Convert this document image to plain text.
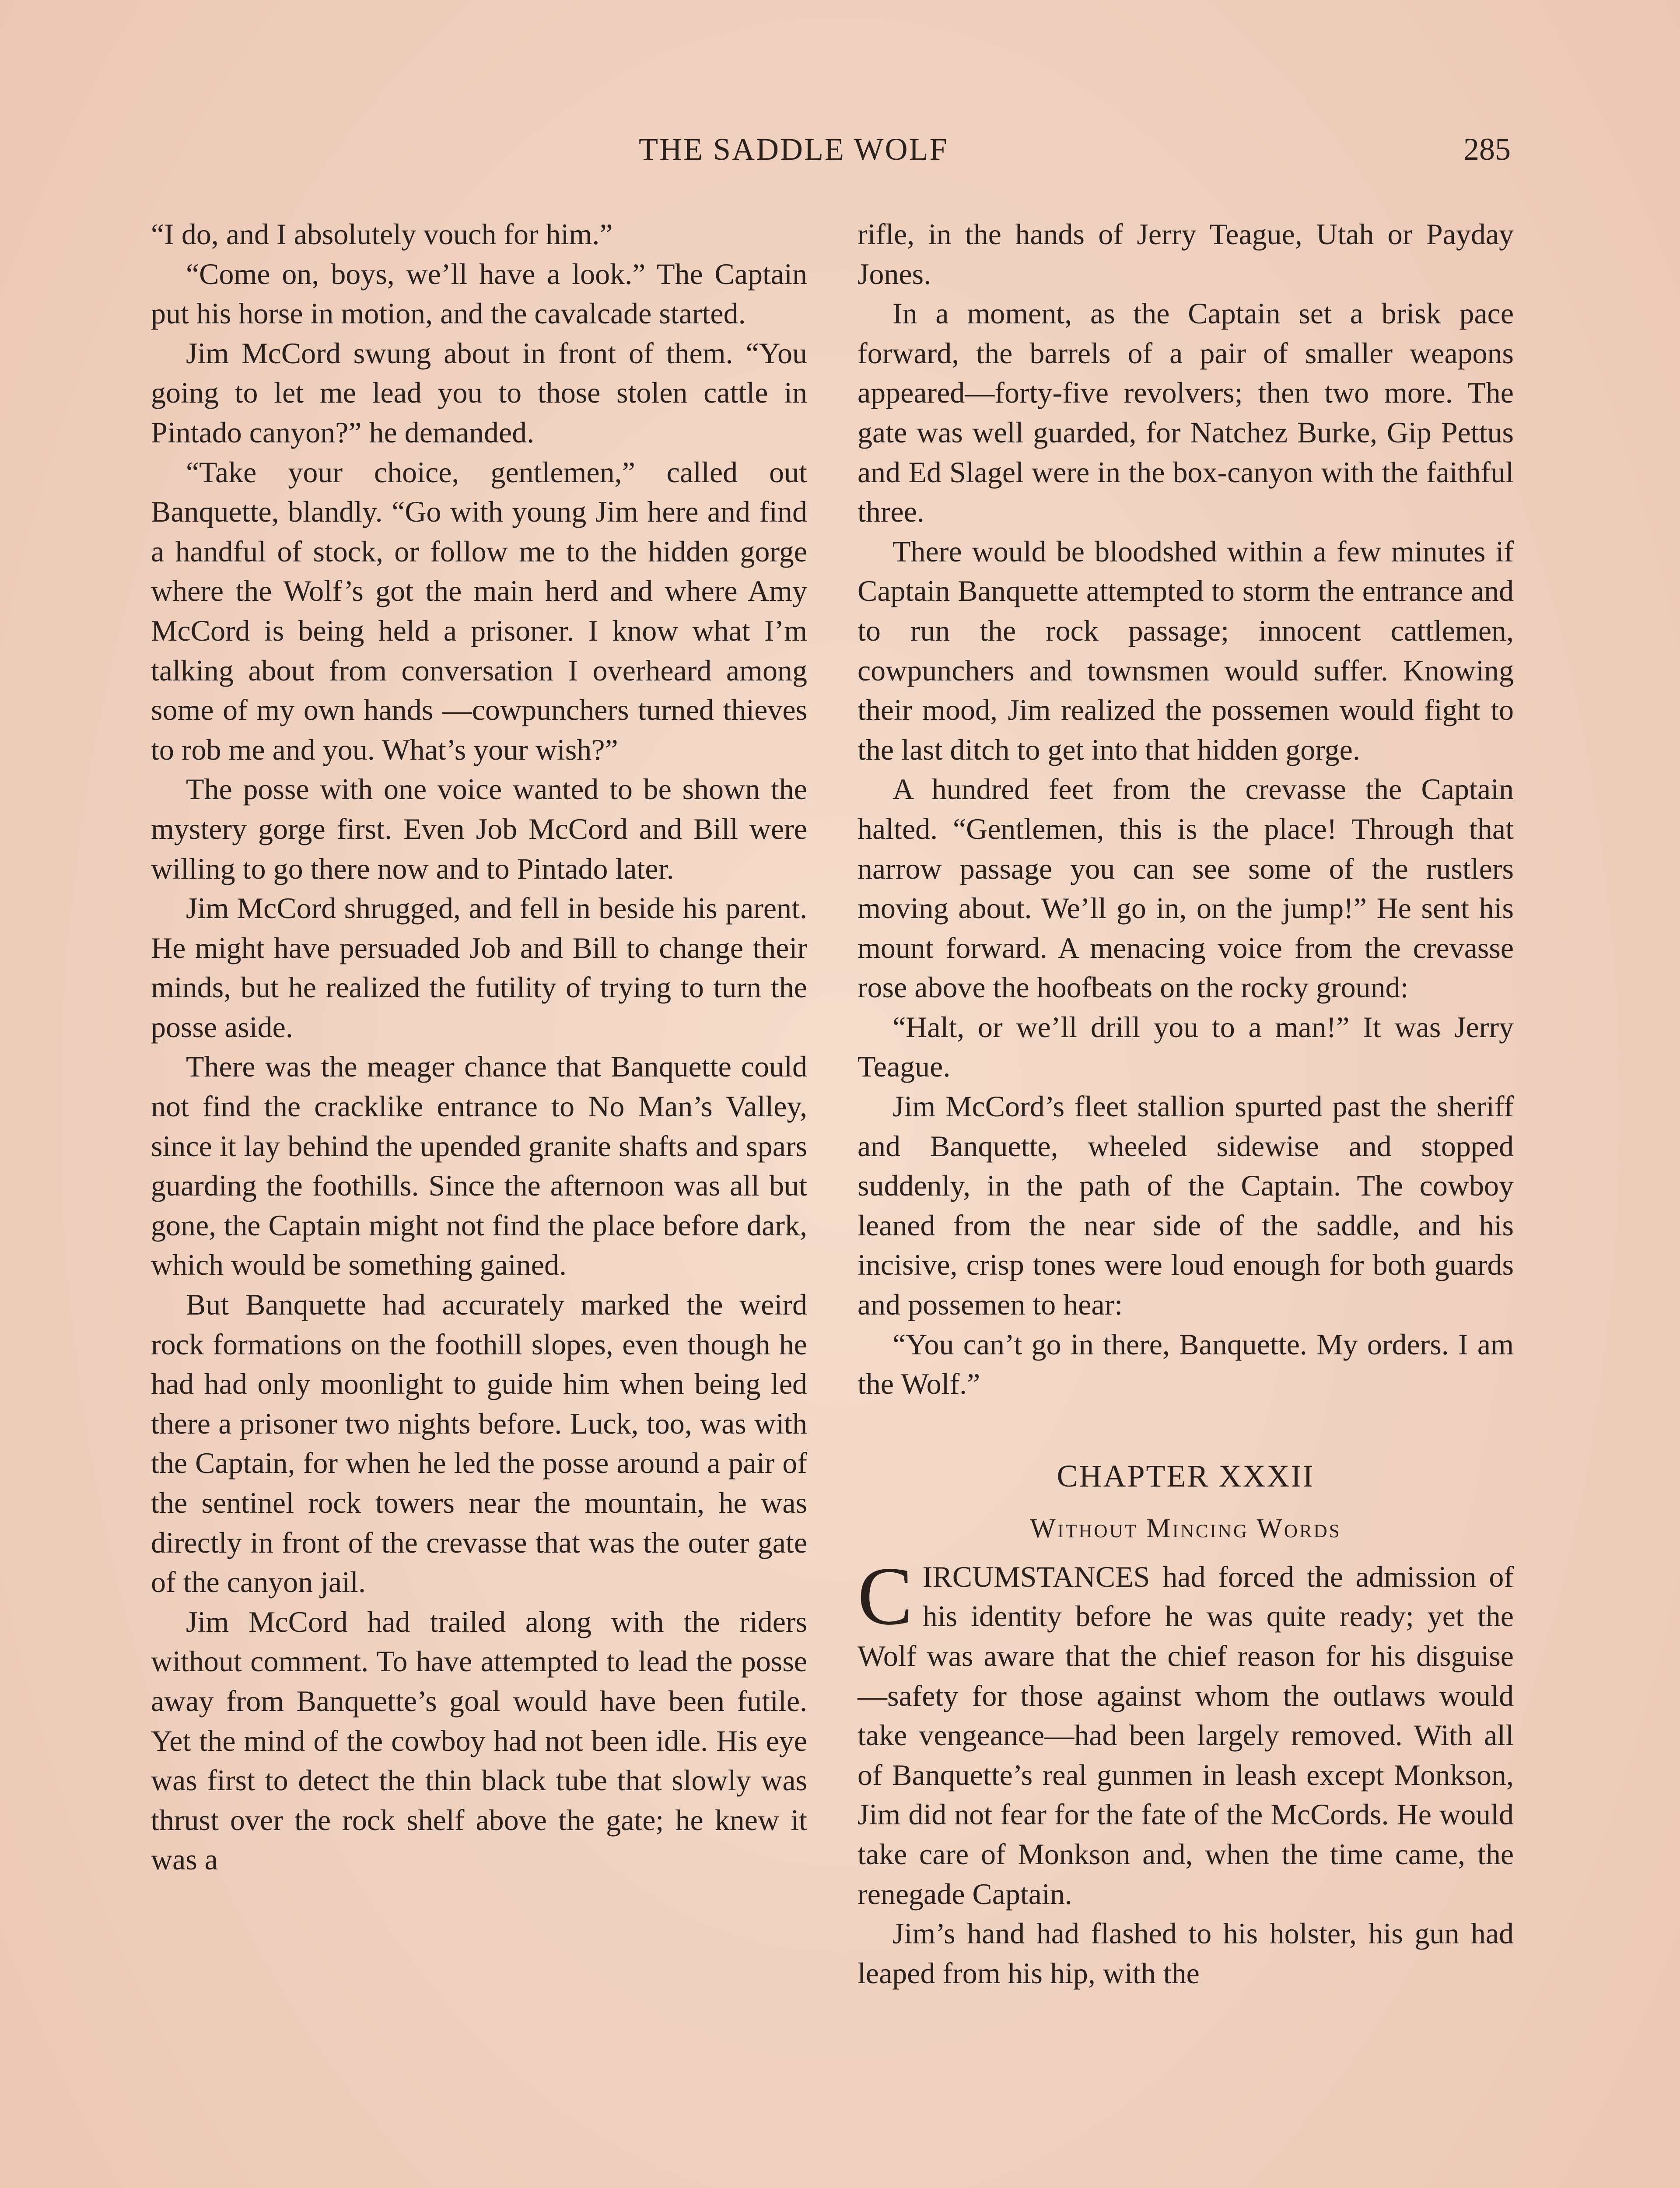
THE SADDLE WOLF	285

“I do, and I absolutely vouch for him.”

“Come on, boys, we’ll have a look.” The Captain put his horse in motion, and the cavalcade started.

Jim McCord swung about in front of them. “You going to let me lead you to those stolen cattle in Pintado canyon?” he demanded.

“Take your choice, gentlemen,” called out Banquette, blandly. “Go with young Jim here and find a handful of stock, or follow me to the hidden gorge where the Wolf’s got the main herd and where Amy McCord is being held a prisoner. I know what I’m talking about from conversation I overheard among some of my own hands —cowpunchers turned thieves to rob me and you. What’s your wish?”

The posse with one voice wanted to be shown the mystery gorge first. Even Job McCord and Bill were willing to go there now and to Pintado later.

Jim McCord shrugged, and fell in beside his parent. He might have persuaded Job and Bill to change their minds, but he realized the futility of trying to turn the posse aside.

There was the meager chance that Banquette could not find the cracklike entrance to No Man’s Valley, since it lay behind the upended granite shafts and spars guarding the foothills. Since the afternoon was all but gone, the Captain might not find the place before dark, which would be something gained.

But Banquette had accurately marked the weird rock formations on the foothill slopes, even though he had had only moonlight to guide him when being led there a prisoner two nights before. Luck, too, was with the Captain, for when he led the posse around a pair of the sentinel rock towers near the mountain, he was directly in front of the crevasse that was the outer gate of the canyon jail.

Jim McCord had trailed along with the riders without comment. To have attempted to lead the posse away from Banquette’s goal would have been futile. Yet the mind of the cowboy had not been idle. His eye was first to detect the thin black tube that slowly was thrust over the rock shelf above the gate; he knew it was a

rifle, in the hands of Jerry Teague, Utah or Payday Jones.

In a moment, as the Captain set a brisk pace forward, the barrels of a pair of smaller weapons appeared—forty-five revolvers; then two more. The gate was well guarded, for Natchez Burke, Gip Pettus and Ed Slagel were in the box-canyon with the faithful three.

There would be bloodshed within a few minutes if Captain Banquette attempted to storm the entrance and to run the rock passage; innocent cattlemen, cowpunchers and townsmen would suffer. Knowing their mood, Jim realized the possemen would fight to the last ditch to get into that hidden gorge.

A hundred feet from the crevasse the Captain halted. “Gentlemen, this is the place! Through that narrow passage you can see some of the rustlers moving about. We’ll go in, on the jump!” He sent his mount forward. A menacing voice from the crevasse rose above the hoofbeats on the rocky ground:

“Halt, or we’ll drill you to a man!” It was Jerry Teague.

Jim McCord’s fleet stallion spurted past the sheriff and Banquette, wheeled sidewise and stopped suddenly, in the path of the Captain. The cowboy leaned from the near side of the saddle, and his incisive, crisp tones were loud enough for both guards and possemen to hear:

“You can’t go in there, Banquette. My orders. I am the Wolf.”

CHAPTER XXXII
Without Mincing Words

CIRCUMSTANCES had forced the admission of his identity before he was quite ready; yet the Wolf was aware that the chief reason for his disguise—safety for those against whom the outlaws would take vengeance—had been largely removed. With all of Banquette’s real gunmen in leash except Monkson, Jim did not fear for the fate of the McCords. He would take care of Monkson and, when the time came, the renegade Captain.

Jim’s hand had flashed to his holster, his gun had leaped from his hip, with the
